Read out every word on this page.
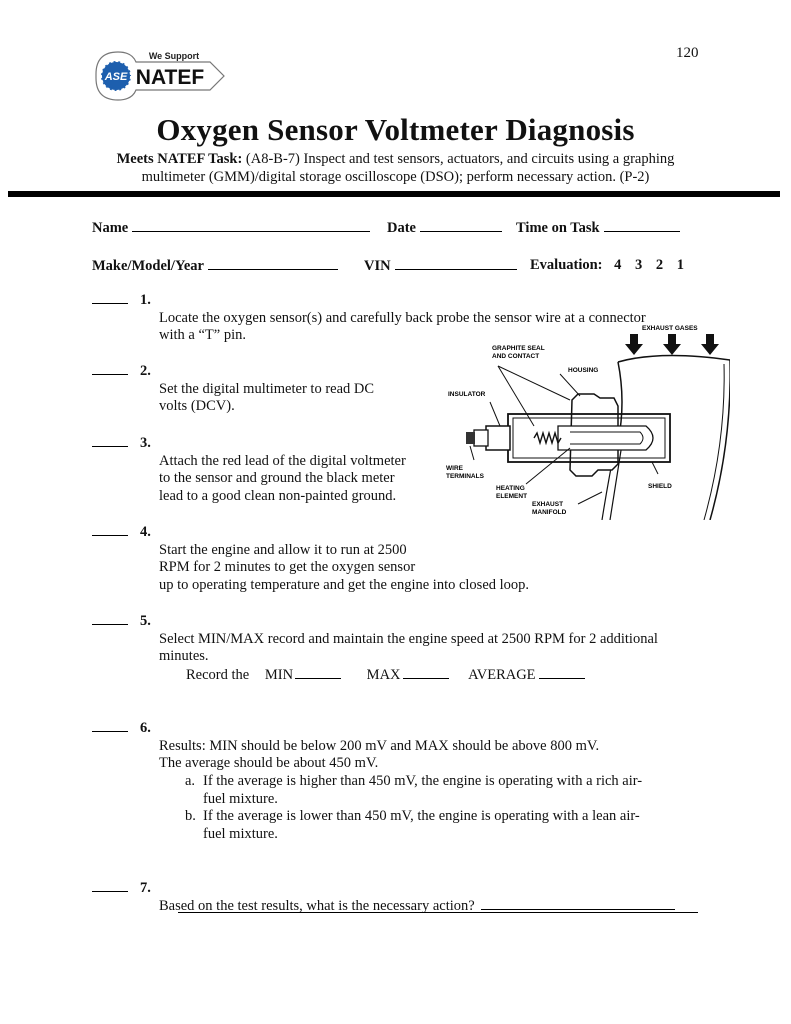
120
ASE
We Support
NATEF
Oxygen Sensor Voltmeter Diagnosis
Meets NATEF Task: (A8-B-7) Inspect and test sensors, actuators, and circuits using a graphing
multimeter (GMM)/digital storage oscilloscope (DSO); perform necessary action. (P-2)
Name	Date	Time on Task
Make/Model/Year	VIN	Evaluation: 4 3 2 1
1.
Locate the oxygen sensor(s) and carefully back probe the sensor wire at a connector
with a “T” pin.
2.
Set the digital multimeter to read DC
volts (DCV).
3.
Attach the red lead of the digital voltmeter
to the sensor and ground the black meter
lead to a good clean non-painted ground.
4.
Start the engine and allow it to run at 2500
RPM for 2 minutes to get the oxygen sensor
up to operating temperature and get the engine into closed loop.
5.
Select MIN/MAX record and maintain the engine speed at 2500 RPM for 2 additional
minutes.
Record the MIN	MAX	AVERAGE
6.
Results: MIN should be below 200 mV and MAX should be above 800 mV.
The average should be about 450 mV.
a. If the average is higher than 450 mV, the engine is operating with a rich air-
fuel mixture.
b. If the average is lower than 450 mV, the engine is operating with a lean air-
fuel mixture.
7.
Based on the test results, what is the necessary action?
EXHAUST GASES
GRAPHITE SEAL
AND CONTACT
HOUSING
INSULATOR
WIRE
TERMINALS
HEATING
ELEMENT
EXHAUST
MANIFOLD
SHIELD
